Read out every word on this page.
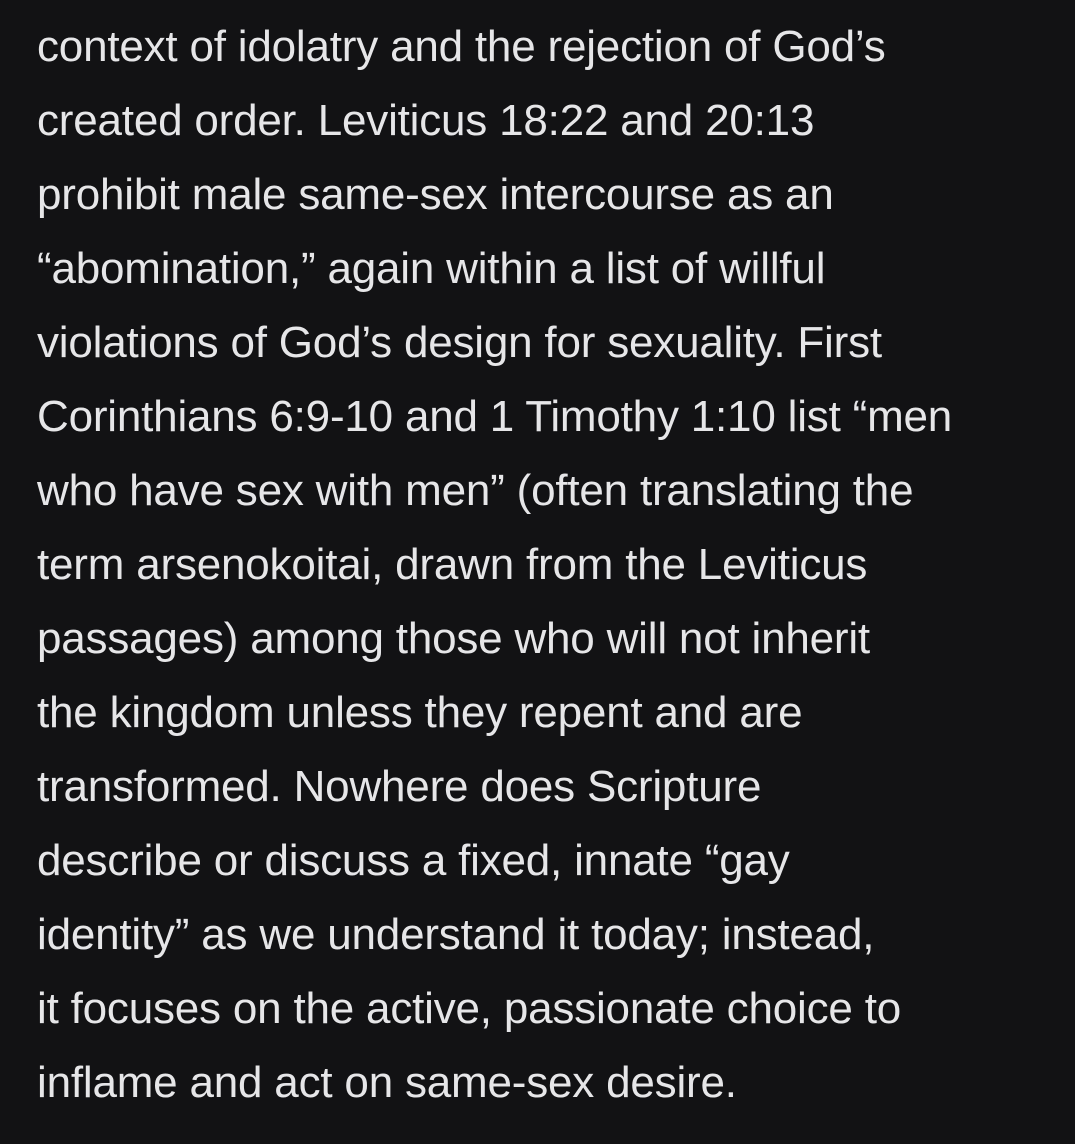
context of idolatry and the rejection of God’s
created order. Leviticus 18:22 and 20:13
prohibit male same-sex intercourse as an
“abomination,” again within a list of willful
violations of God’s design for sexuality. First
Corinthians 6:9-10 and 1 Timothy 1:10 list “men
who have sex with men” (often translating the
term arsenokoitai, drawn from the Leviticus
passages) among those who will not inherit
the kingdom unless they repent and are
transformed. Nowhere does Scripture
describe or discuss a fixed, innate “gay
identity” as we understand it today; instead,
it focuses on the active, passionate choice to
inflame and act on same-sex desire.
